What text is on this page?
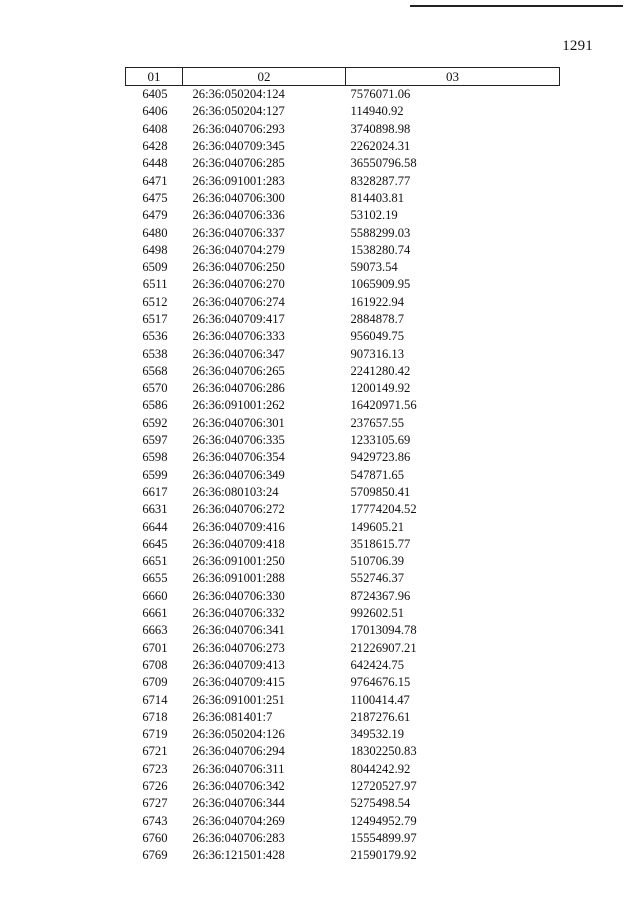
1291
01	02	03
6405	26:36:050204:124	7576071.06
6406	26:36:050204:127	114940.92
6408	26:36:040706:293	3740898.98
6428	26:36:040709:345	2262024.31
6448	26:36:040706:285	36550796.58
6471	26:36:091001:283	8328287.77
6475	26:36:040706:300	814403.81
6479	26:36:040706:336	53102.19
6480	26:36:040706:337	5588299.03
6498	26:36:040704:279	1538280.74
6509	26:36:040706:250	59073.54
6511	26:36:040706:270	1065909.95
6512	26:36:040706:274	161922.94
6517	26:36:040709:417	2884878.7
6536	26:36:040706:333	956049.75
6538	26:36:040706:347	907316.13
6568	26:36:040706:265	2241280.42
6570	26:36:040706:286	1200149.92
6586	26:36:091001:262	16420971.56
6592	26:36:040706:301	237657.55
6597	26:36:040706:335	1233105.69
6598	26:36:040706:354	9429723.86
6599	26:36:040706:349	547871.65
6617	26:36:080103:24	5709850.41
6631	26:36:040706:272	17774204.52
6644	26:36:040709:416	149605.21
6645	26:36:040709:418	3518615.77
6651	26:36:091001:250	510706.39
6655	26:36:091001:288	552746.37
6660	26:36:040706:330	8724367.96
6661	26:36:040706:332	992602.51
6663	26:36:040706:341	17013094.78
6701	26:36:040706:273	21226907.21
6708	26:36:040709:413	642424.75
6709	26:36:040709:415	9764676.15
6714	26:36:091001:251	1100414.47
6718	26:36:081401:7	2187276.61
6719	26:36:050204:126	349532.19
6721	26:36:040706:294	18302250.83
6723	26:36:040706:311	8044242.92
6726	26:36:040706:342	12720527.97
6727	26:36:040706:344	5275498.54
6743	26:36:040704:269	12494952.79
6760	26:36:040706:283	15554899.97
6769	26:36:121501:428	21590179.92
